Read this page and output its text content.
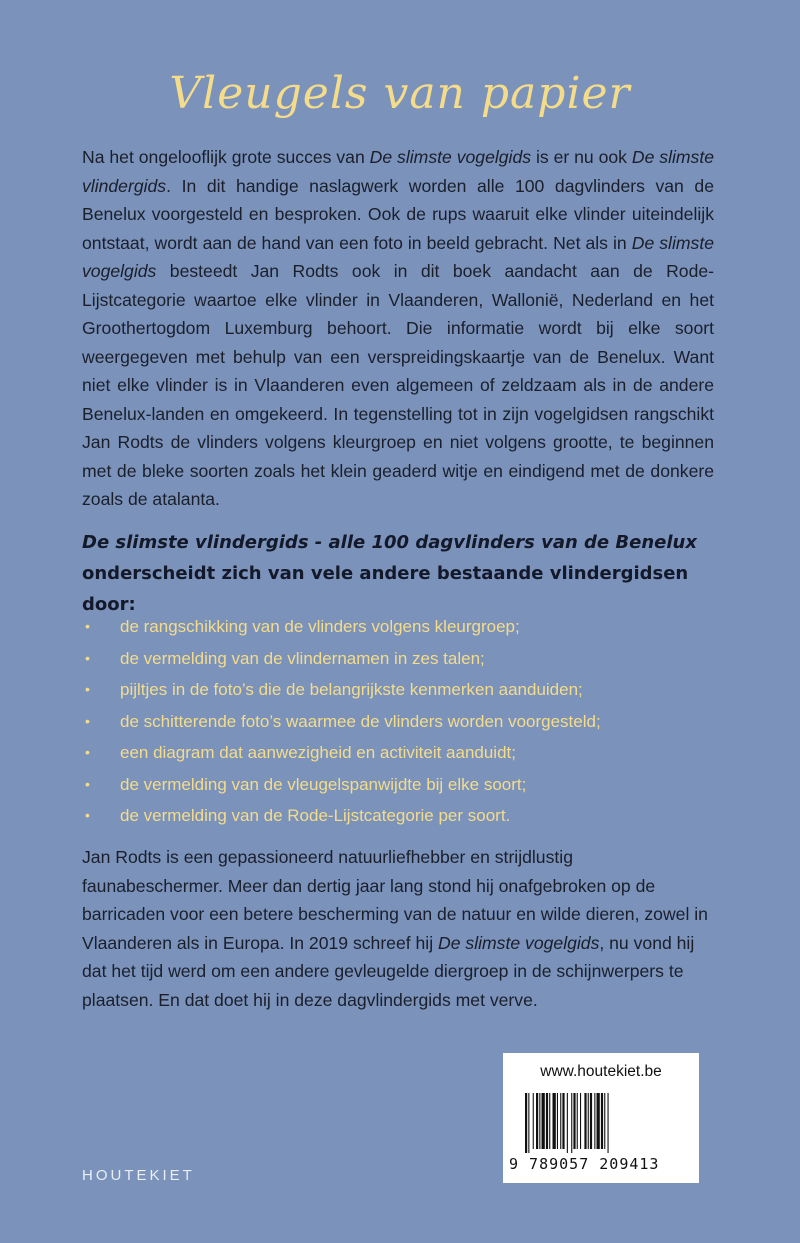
Vleugels van papier
Na het ongelooflijk grote succes van De slimste vogelgids is er nu ook De slimste vlindergids. In dit handige naslagwerk worden alle 100 dagvlinders van de Benelux voorgesteld en besproken. Ook de rups waaruit elke vlinder uiteindelijk ontstaat, wordt aan de hand van een foto in beeld gebracht. Net als in De slimste vogelgids besteedt Jan Rodts ook in dit boek aandacht aan de Rode-Lijstcategorie waartoe elke vlinder in Vlaanderen, Wallonië, Nederland en het Groothertogdom Luxemburg behoort. Die informatie wordt bij elke soort weergegeven met behulp van een verspreidingskaartje van de Benelux. Want niet elke vlinder is in Vlaanderen even algemeen of zeldzaam als in de andere Benelux-landen en omgekeerd. In tegenstelling tot in zijn vogelgidsen rangschikt Jan Rodts de vlinders volgens kleurgroep en niet volgens grootte, te beginnen met de bleke soorten zoals het klein geaderd witje en eindigend met de donkere zoals de atalanta.
De slimste vlindergids - alle 100 dagvlinders van de Benelux
onderscheidt zich van vele andere bestaande vlindergidsen door:
• de rangschikking van de vlinders volgens kleurgroep;
• de vermelding van de vlindernamen in zes talen;
• pijltjes in de foto’s die de belangrijkste kenmerken aanduiden;
• de schitterende foto’s waarmee de vlinders worden voorgesteld;
• een diagram dat aanwezigheid en activiteit aanduidt;
• de vermelding van de vleugelspanwijdte bij elke soort;
• de vermelding van de Rode-Lijstcategorie per soort.
Jan Rodts is een gepassioneerd natuurliefhebber en strijdlustig faunabeschermer. Meer dan dertig jaar lang stond hij onafgebroken op de barricaden voor een betere bescherming van de natuur en wilde dieren, zowel in Vlaanderen als in Europa. In 2019 schreef hij De slimste vogelgids, nu vond hij dat het tijd werd om een andere gevleugelde diergroep in de schijnwerpers te plaatsen. En dat doet hij in deze dagvlindergids met verve.
HOUTEKIET
www.houtekiet.be
9 789057 209413
